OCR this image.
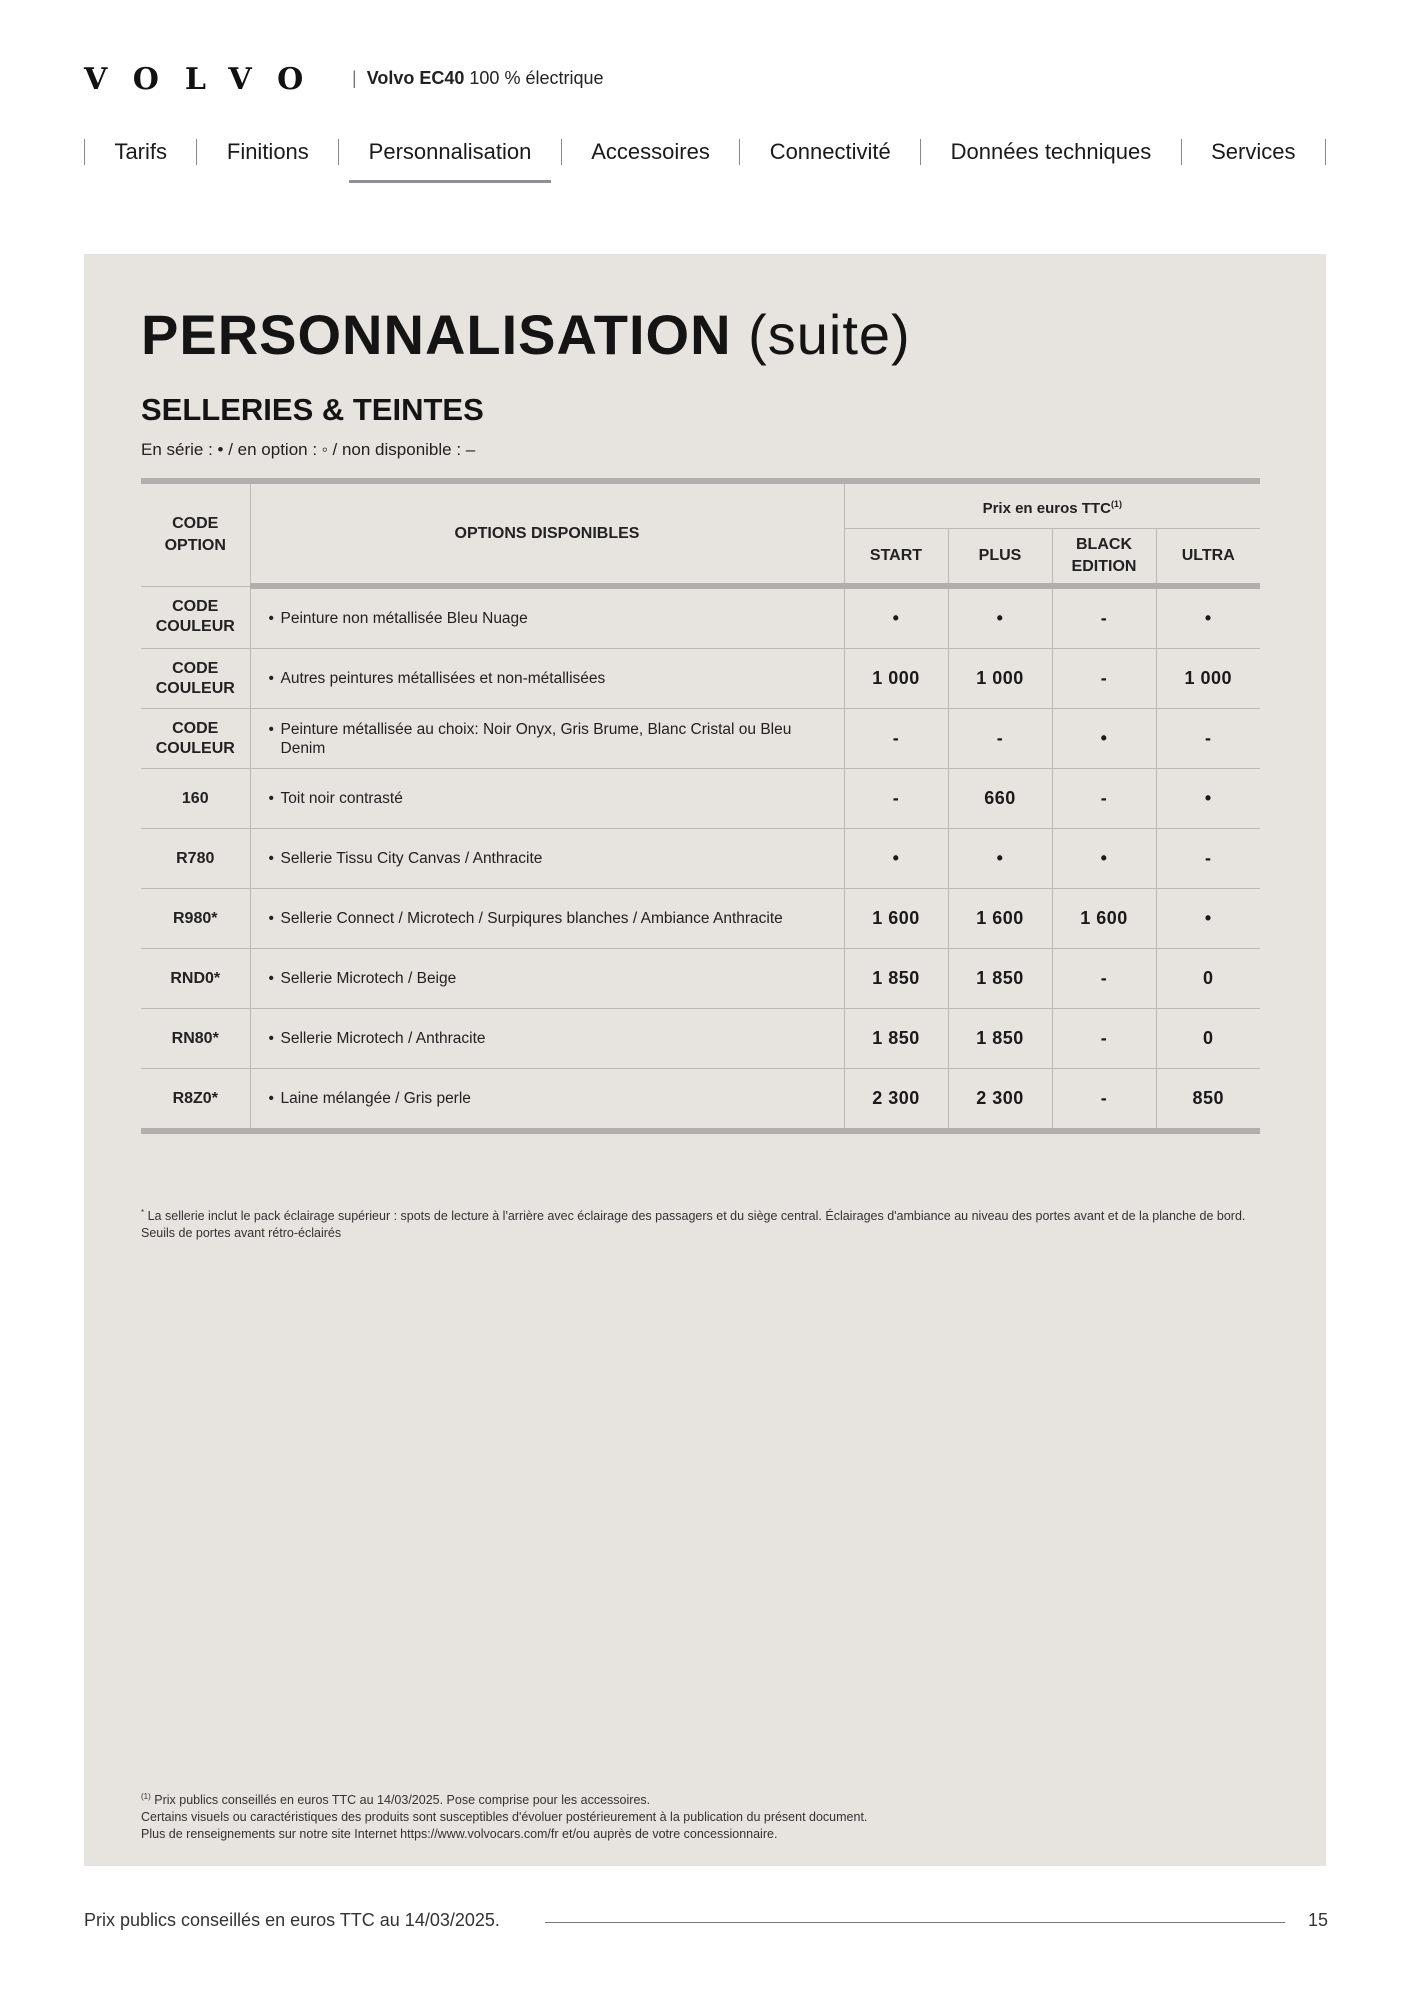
VOLVO | Volvo EC40 100 % électrique
Tarifs	Finitions	Personnalisation	Accessoires	Connectivité	Données techniques	Services
PERSONNALISATION (suite)
SELLERIES & TEINTES
En série : • / en option : ◦ / non disponible : –
CODE OPTION	OPTIONS DISPONIBLES	Prix en euros TTC$^{(1)}$
		START	PLUS	BLACK EDITION	ULTRA
CODE COULEUR	• Peinture non métallisée Bleu Nuage	•	•	-	•
CODE COULEUR	• Autres peintures métallisées et non-métallisées	1 000	1 000	-	1 000
CODE COULEUR	• Peinture métallisée au choix: Noir Onyx, Gris Brume, Blanc Cristal ou Bleu Denim	-	-	•	-
160	• Toit noir contrasté	-	660	-	•
R780	• Sellerie Tissu City Canvas / Anthracite	•	•	•	-
R980*	• Sellerie Connect / Microtech / Surpiqures blanches / Ambiance Anthracite	1 600	1 600	1 600	•
RND0*	• Sellerie Microtech / Beige	1 850	1 850	-	0
RN80*	• Sellerie Microtech / Anthracite	1 850	1 850	-	0
R8Z0*	• Laine mélangée / Gris perle	2 300	2 300	-	850
* La sellerie inclut le pack éclairage supérieur : spots de lecture à l'arrière avec éclairage des passagers et du siège central. Éclairages d'ambiance au niveau des portes avant et de la planche de bord. Seuils de portes avant rétro-éclairés
$^{(1)}$ Prix publics conseillés en euros TTC au 14/03/2025. Pose comprise pour les accessoires.
Certains visuels ou caractéristiques des produits sont susceptibles d'évoluer postérieurement à la publication du présent document.
Plus de renseignements sur notre site Internet https://www.volvocars.com/fr et/ou auprès de votre concessionnaire.
Prix publics conseillés en euros TTC au 14/03/2025.	15
